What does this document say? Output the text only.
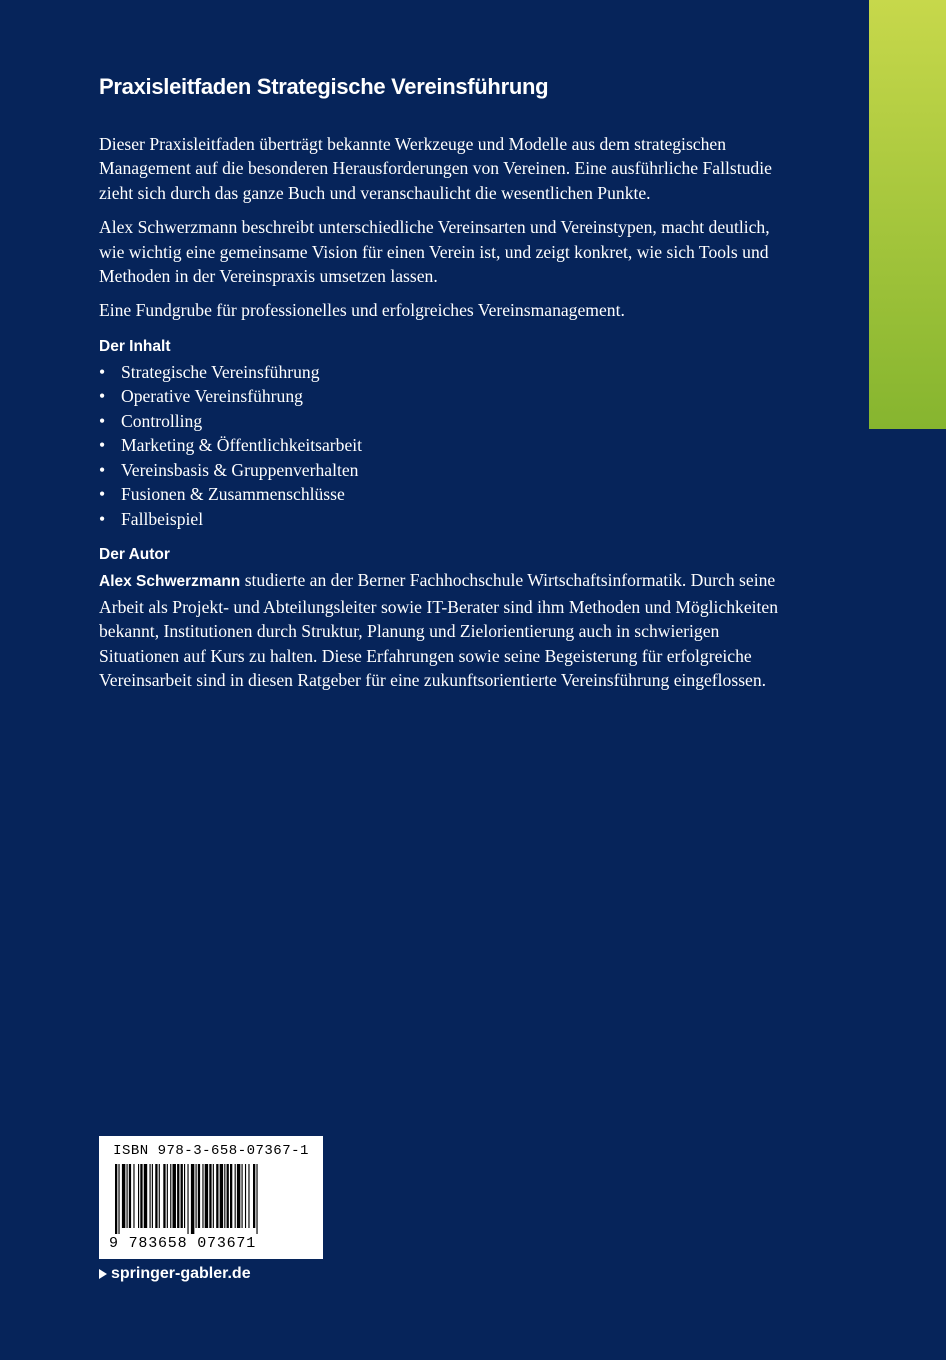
Praxisleitfaden Strategische Vereinsführung

Dieser Praxisleitfaden überträgt bekannte Werkzeuge und Modelle aus dem strategischen Management auf die besonderen Herausforderungen von Vereinen. Eine ausführliche Fallstudie zieht sich durch das ganze Buch und veranschaulicht die wesentlichen Punkte.

Alex Schwerzmann beschreibt unterschiedliche Vereinsarten und Vereinstypen, macht deutlich, wie wichtig eine gemeinsame Vision für einen Verein ist, und zeigt konkret, wie sich Tools und Methoden in der Vereinspraxis umsetzen lassen.

Eine Fundgrube für professionelles und erfolgreiches Vereinsmanagement.

Der Inhalt
• Strategische Vereinsführung
• Operative Vereinsführung
• Controlling
• Marketing & Öffentlichkeitsarbeit
• Vereinsbasis & Gruppenverhalten
• Fusionen & Zusammenschlüsse
• Fallbeispiel
Der Autor

Alex Schwerzmann studierte an der Berner Fachhochschule Wirtschaftsinformatik. Durch seine Arbeit als Projekt- und Abteilungsleiter sowie IT-Berater sind ihm Methoden und Möglichkeiten bekannt, Institutionen durch Struktur, Planung und Zielorientierung auch in schwierigen Situationen auf Kurs zu halten. Diese Erfahrungen sowie seine Begeisterung für erfolgreiche Vereinsarbeit sind in diesen Ratgeber für eine zukunftsorientierte Vereinsführung eingeflossen.

ISBN 978-3-658-07367-1
9 783658 073671
springer-gabler.de
